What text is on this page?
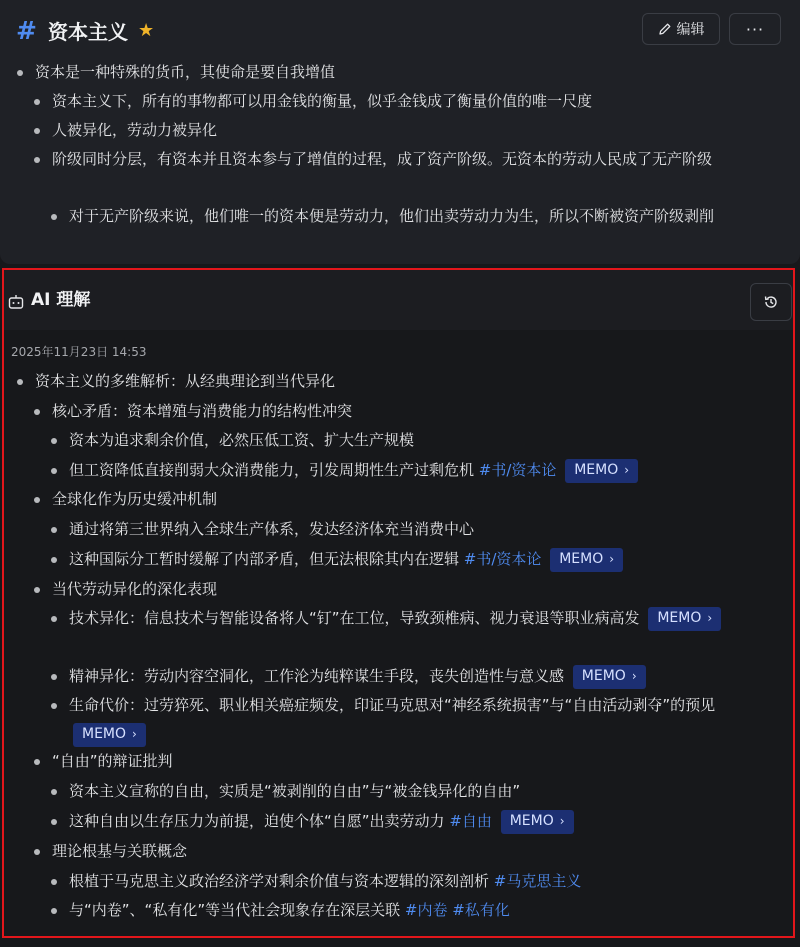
# 资本主义 ★	编辑	···
资本是一种特殊的货币，其使命是要自我增值
资本主义下，所有的事物都可以用金钱的衡量，似乎金钱成了衡量价值的唯一尺度
人被异化，劳动力被异化
阶级同时分层，有资本并且资本参与了增值的过程，成了资产阶级。无资本的劳动人民成了无产阶级
对于无产阶级来说，他们唯一的资本便是劳动力，他们出卖劳动力为生，所以不断被资产阶级剥削
AI 理解
2025年11月23日 14:53
资本主义的多维解析：从经典理论到当代异化
核心矛盾：资本增殖与消费能力的结构性冲突
资本为追求剩余价值，必然压低工资、扩大生产规模
但工资降低直接削弱大众消费能力，引发周期性生产过剩危机 #书/资本论 MEMO ›
全球化作为历史缓冲机制
通过将第三世界纳入全球生产体系，发达经济体充当消费中心
这种国际分工暂时缓解了内部矛盾，但无法根除其内在逻辑 #书/资本论 MEMO ›
当代劳动异化的深化表现
技术异化：信息技术与智能设备将人“钉”在工位，导致颈椎病、视力衰退等职业病高发 MEMO ›
精神异化：劳动内容空洞化，工作沦为纯粹谋生手段，丧失创造性与意义感 MEMO ›
生命代价：过劳猝死、职业相关癌症频发，印证马克思对“神经系统损害”与“自由活动剥夺”的预见 MEMO ›
“自由”的辩证批判
资本主义宣称的自由，实质是“被剥削的自由”与“被金钱异化的自由”
这种自由以生存压力为前提，迫使个体“自愿”出卖劳动力 #自由 MEMO ›
理论根基与关联概念
根植于马克思主义政治经济学对剩余价值与资本逻辑的深刻剖析 #马克思主义
与“内卷”、“私有化”等当代社会现象存在深层关联 #内卷 #私有化
